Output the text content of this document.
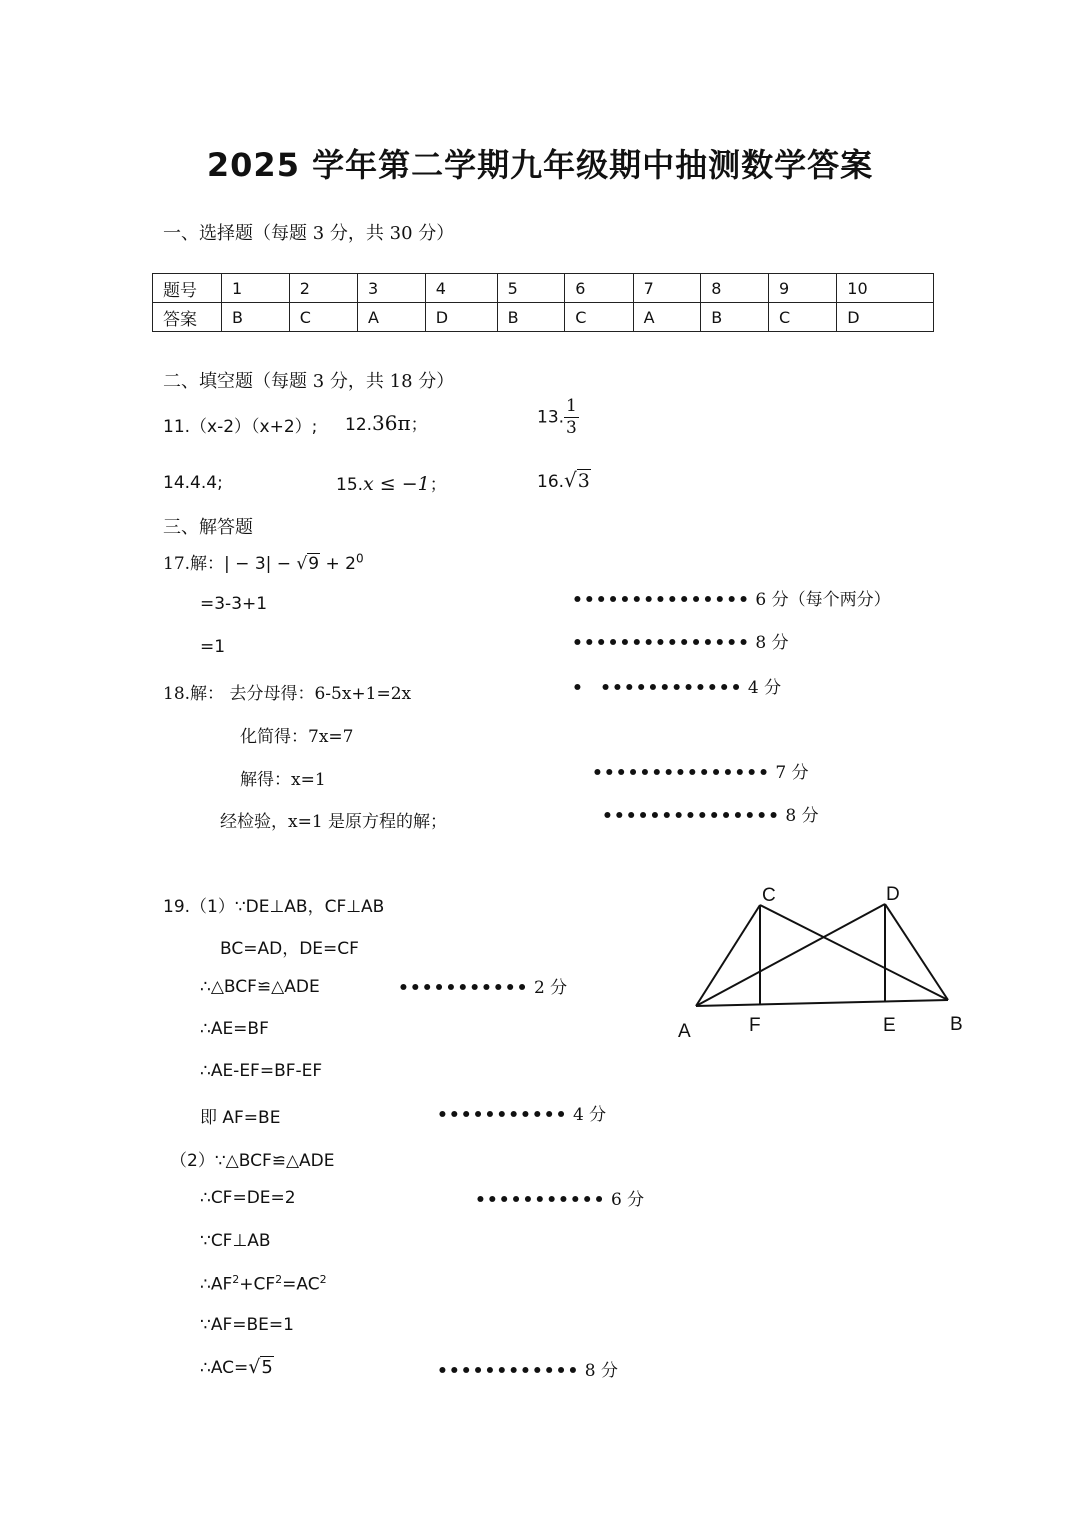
2025 学年第二学期九年级期中抽测数学答案
一、选择题（每题 3 分，共 30 分）
题号	1	2	3	4	5	6	7	8	9	10
答案	B	C	A	D	B	C	A	B	C	D
二、填空题（每题 3 分，共 18 分）
11.（x-2）（x+2）; 12.36π；	13. $\frac{1}{3}$
14.4.4;	15.x ≤ −1；	16.√3
三、解答题
17.解：| − $3| - √9 + 2^0$
=3-3+1	••••••••••••••• 6 分（每个两分）
=1	••••••••••••••• 8 分
18.解： 去分母得：6-5x+1=2x	• •••••••••••• 4 分
化简得：7x=7
解得：x=1	••••••••••••••• 7 分
经检验，x=1 是原方程的解；	••••••••••••••• 8 分
19.（1）∵DE⊥AB，CF⊥AB
BC=AD，DE=CF
∴△BCF≌△ADE	••••••••••• 2 分
∴AE=BF
∴AE-EF=BF-EF
即 AF=BE	••••••••••• 4 分
（2）∵△BCF≌△ADE
∴CF=DE=2	••••••••••• 6 分
∵CF⊥AB
$\therefore AF^2+CF^2=AC^2$
∵AF=BE=1
∴AC=√5	•••••••••••• 8 分
A	F	E	B
C	D
